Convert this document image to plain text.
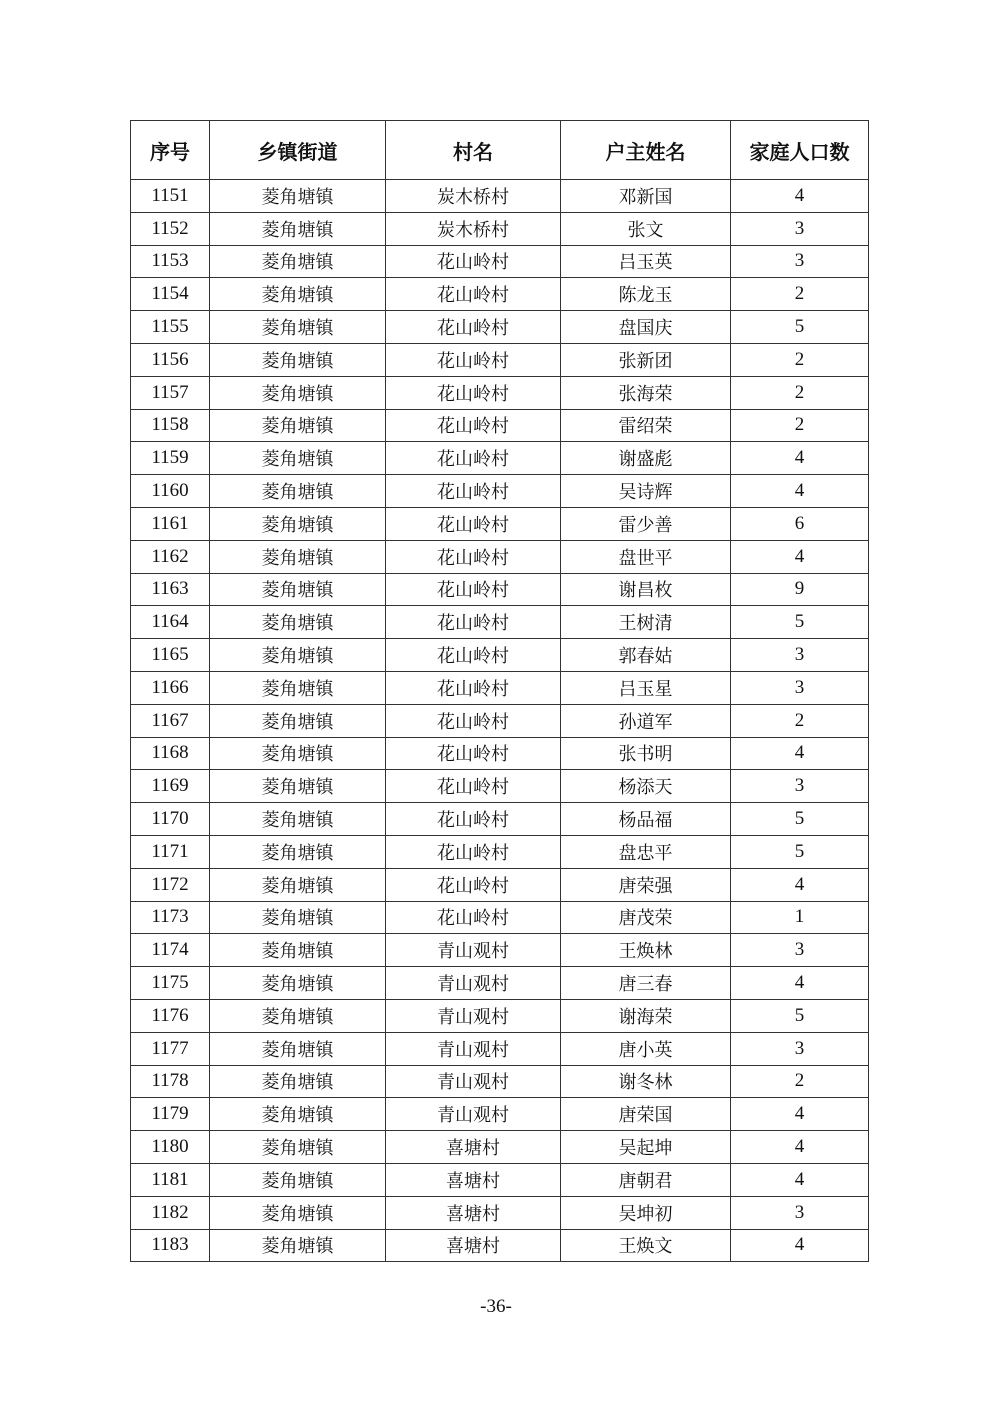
序号	乡镇街道	村名	户主姓名	家庭人口数
1151	菱角塘镇	炭木桥村	邓新国	4
1152	菱角塘镇	炭木桥村	张文	3
1153	菱角塘镇	花山岭村	吕玉英	3
1154	菱角塘镇	花山岭村	陈龙玉	2
1155	菱角塘镇	花山岭村	盘国庆	5
1156	菱角塘镇	花山岭村	张新团	2
1157	菱角塘镇	花山岭村	张海荣	2
1158	菱角塘镇	花山岭村	雷绍荣	2
1159	菱角塘镇	花山岭村	谢盛彪	4
1160	菱角塘镇	花山岭村	吴诗辉	4
1161	菱角塘镇	花山岭村	雷少善	6
1162	菱角塘镇	花山岭村	盘世平	4
1163	菱角塘镇	花山岭村	谢昌枚	9
1164	菱角塘镇	花山岭村	王树清	5
1165	菱角塘镇	花山岭村	郭春姑	3
1166	菱角塘镇	花山岭村	吕玉星	3
1167	菱角塘镇	花山岭村	孙道军	2
1168	菱角塘镇	花山岭村	张书明	4
1169	菱角塘镇	花山岭村	杨添天	3
1170	菱角塘镇	花山岭村	杨品福	5
1171	菱角塘镇	花山岭村	盘忠平	5
1172	菱角塘镇	花山岭村	唐荣强	4
1173	菱角塘镇	花山岭村	唐茂荣	1
1174	菱角塘镇	青山观村	王焕林	3
1175	菱角塘镇	青山观村	唐三春	4
1176	菱角塘镇	青山观村	谢海荣	5
1177	菱角塘镇	青山观村	唐小英	3
1178	菱角塘镇	青山观村	谢冬林	2
1179	菱角塘镇	青山观村	唐荣国	4
1180	菱角塘镇	喜塘村	吴起坤	4
1181	菱角塘镇	喜塘村	唐朝君	4
1182	菱角塘镇	喜塘村	吴坤初	3
1183	菱角塘镇	喜塘村	王焕文	4
-36-
